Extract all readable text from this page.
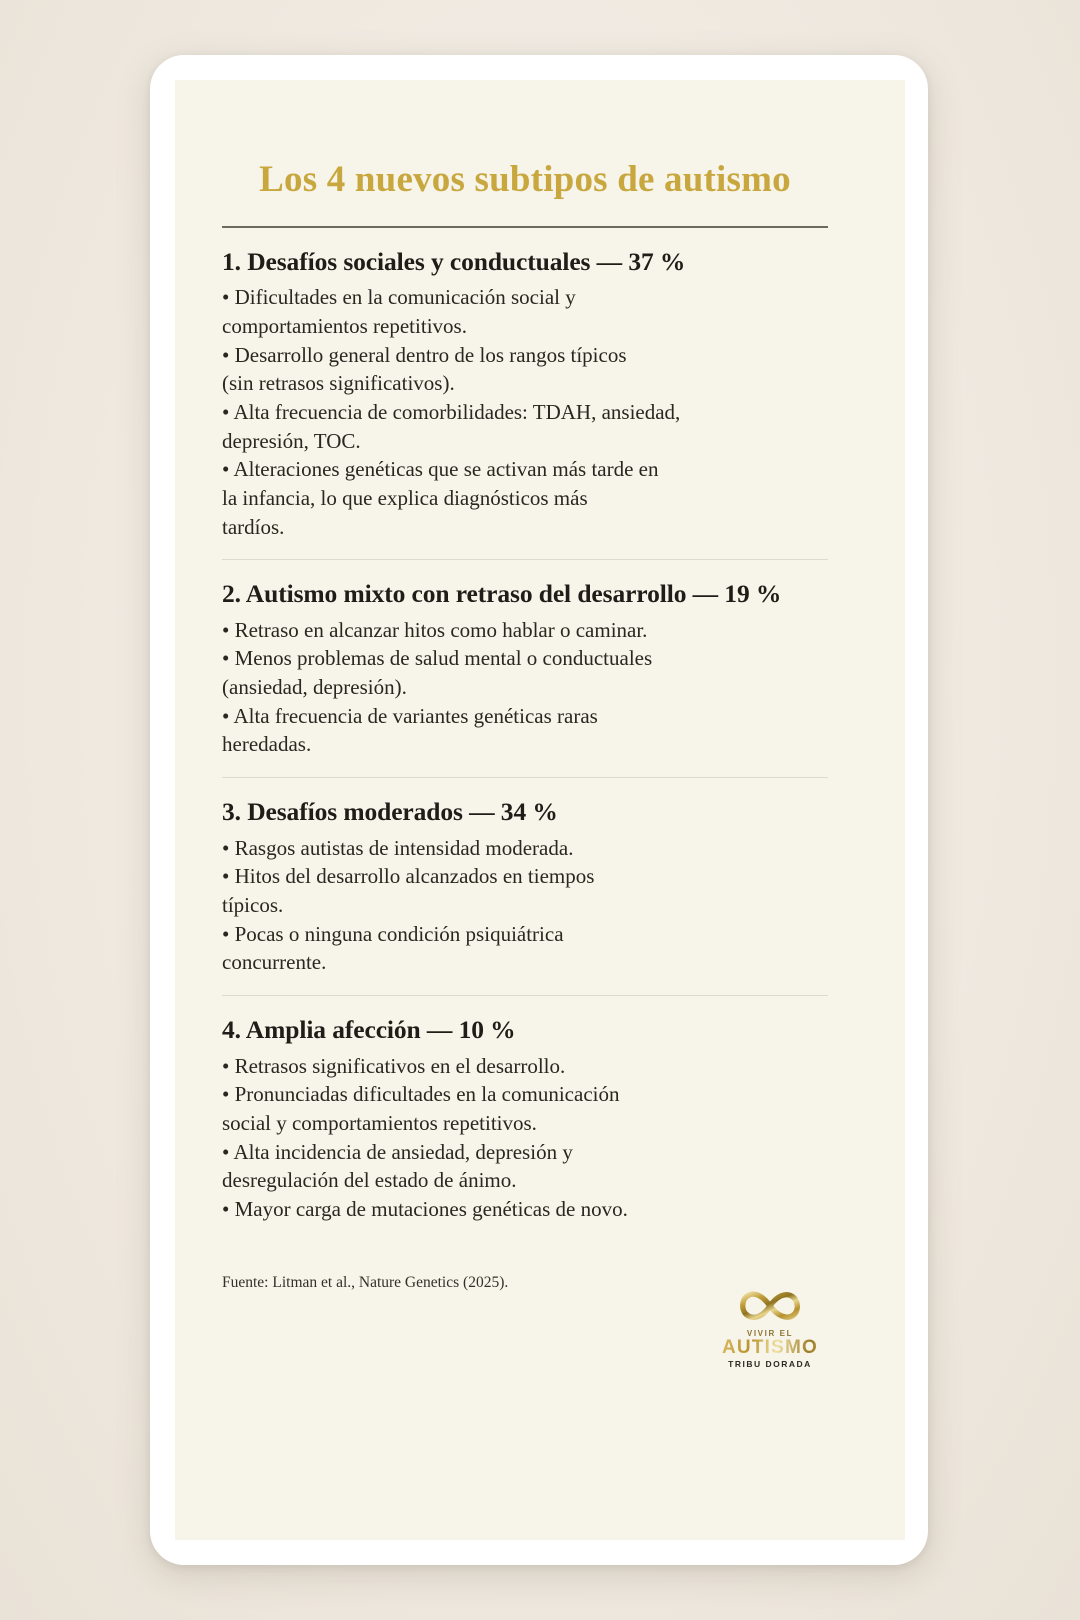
Los 4 nuevos subtipos de autismo
1. Desafíos sociales y conductuales — 37 %

• Dificultades en la comunicación social y
comportamientos repetitivos.

• Desarrollo general dentro de los rangos típicos
(sin retrasos significativos).

• Alta frecuencia de comorbilidades: TDAH, ansiedad,
depresión, TOC.

• Alteraciones genéticas que se activan más tarde en
la infancia, lo que explica diagnósticos más
tardíos.

2. Autismo mixto con retraso del desarrollo — 19 %

• Retraso en alcanzar hitos como hablar o caminar.

• Menos problemas de salud mental o conductuales
(ansiedad, depresión).

• Alta frecuencia de variantes genéticas raras
heredadas.

3. Desafíos moderados — 34 %

• Rasgos autistas de intensidad moderada.

• Hitos del desarrollo alcanzados en tiempos
típicos.

• Pocas o ninguna condición psiquiátrica
concurrente.

4. Amplia afección — 10 %

• Retrasos significativos en el desarrollo.

• Pronunciadas dificultades en la comunicación
social y comportamientos repetitivos.

• Alta incidencia de ansiedad, depresión y
desregulación del estado de ánimo.

• Mayor carga de mutaciones genéticas de novo.

Fuente: Litman et al., Nature Genetics (2025).
VIVIR EL
AUTISMO
TRIBU DORADA
